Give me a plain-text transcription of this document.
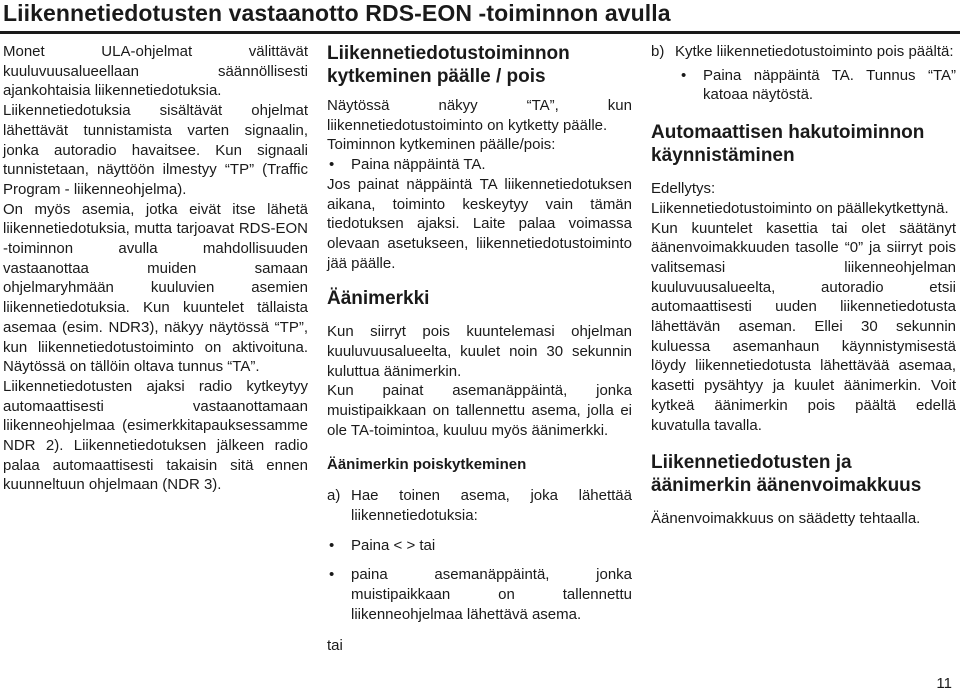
Liikennetiedotusten vastaanotto RDS-EON -toiminnon avulla

Monet ULA-ohjelmat välittävät kuuluvuusalueellaan säännöllisesti ajankohtaisia liikennetiedotuksia.

Liikennetiedotuksia sisältävät ohjelmat lähettävät tunnistamista varten signaalin, jonka autoradio havaitsee. Kun signaali tunnistetaan, näyttöön ilmestyy “TP” (Traffic Program - liikenneohjelma).

On myös asemia, jotka eivät itse lähetä liikennetiedotuksia, mutta tarjoavat RDS-EON -toiminnon avulla mahdollisuuden vastaanottaa muiden samaan ohjelmaryhmään kuuluvien asemien liikennetiedotuksia. Kun kuuntelet tällaista asemaa (esim. NDR3), näkyy näytössä “TP”, kun liikennetiedotustoiminto on aktivoituna. Näytössä on tällöin oltava tunnus “TA”.

Liikennetiedotusten ajaksi radio kytkeytyy automaattisesti vastaanottamaan liikenneohjelmaa (esimerkkitapauksessamme NDR 2). Liikennetiedotuksen jälkeen radio palaa automaattisesti takaisin sitä ennen kuunneltuun ohjelmaan (NDR 3).

Liikennetiedotustoiminnon kytkeminen päälle / pois

Näytössä näkyy “TA”, kun liikennetiedotustoiminto on kytketty päälle.

Toiminnon kytkeminen päälle/pois:

• Paina näppäintä TA.

Jos painat näppäintä TA liikennetiedotuksen aikana, toiminto keskeytyy vain tämän tiedotuksen ajaksi. Laite palaa voimassa olevaan asetukseen, liikennetiedotustoiminto jää päälle.

Äänimerkki

Kun siirryt pois kuuntelemasi ohjelman kuuluvuusalueelta, kuulet noin 30 sekunnin kuluttua äänimerkin.

Kun painat asemanäppäintä, jonka muistipaikkaan on tallennettu asema, jolla ei ole TA-toimintoa, kuuluu myös äänimerkki.

Äänimerkin poiskytkeminen

a) Hae toinen asema, joka lähettää liikennetiedotuksia:

• Paina < > tai

• paina asemanäppäintä, jonka muistipaikkaan on tallennettu liikenneohjelmaa lähettävä asema.

tai

b) Kytke liikennetiedotustoiminto pois päältä:

• Paina näppäintä TA. Tunnus “TA” katoaa näytöstä.

Automaattisen hakutoiminnon käynnistäminen

Edellytys:

Liikennetiedotustoiminto on päällekytkettynä.

Kun kuuntelet kasettia tai olet säätänyt äänenvoimakkuuden tasolle “0” ja siirryt pois valitsemasi liikenneohjelman kuuluvuusalueelta, autoradio etsii automaattisesti uuden liikennetiedotusta lähettävän aseman. Ellei 30 sekunnin kuluessa asemanhaun käynnistymisestä löydy liikennetiedotusta lähettävää asemaa, kasetti pysähtyy ja kuulet äänimerkin. Voit kytkeä äänimerkin pois päältä edellä kuvatulla tavalla.

Liikennetiedotusten ja äänimerkin äänenvoimakkuus

Äänenvoimakkuus on säädetty tehtaalla.

11
